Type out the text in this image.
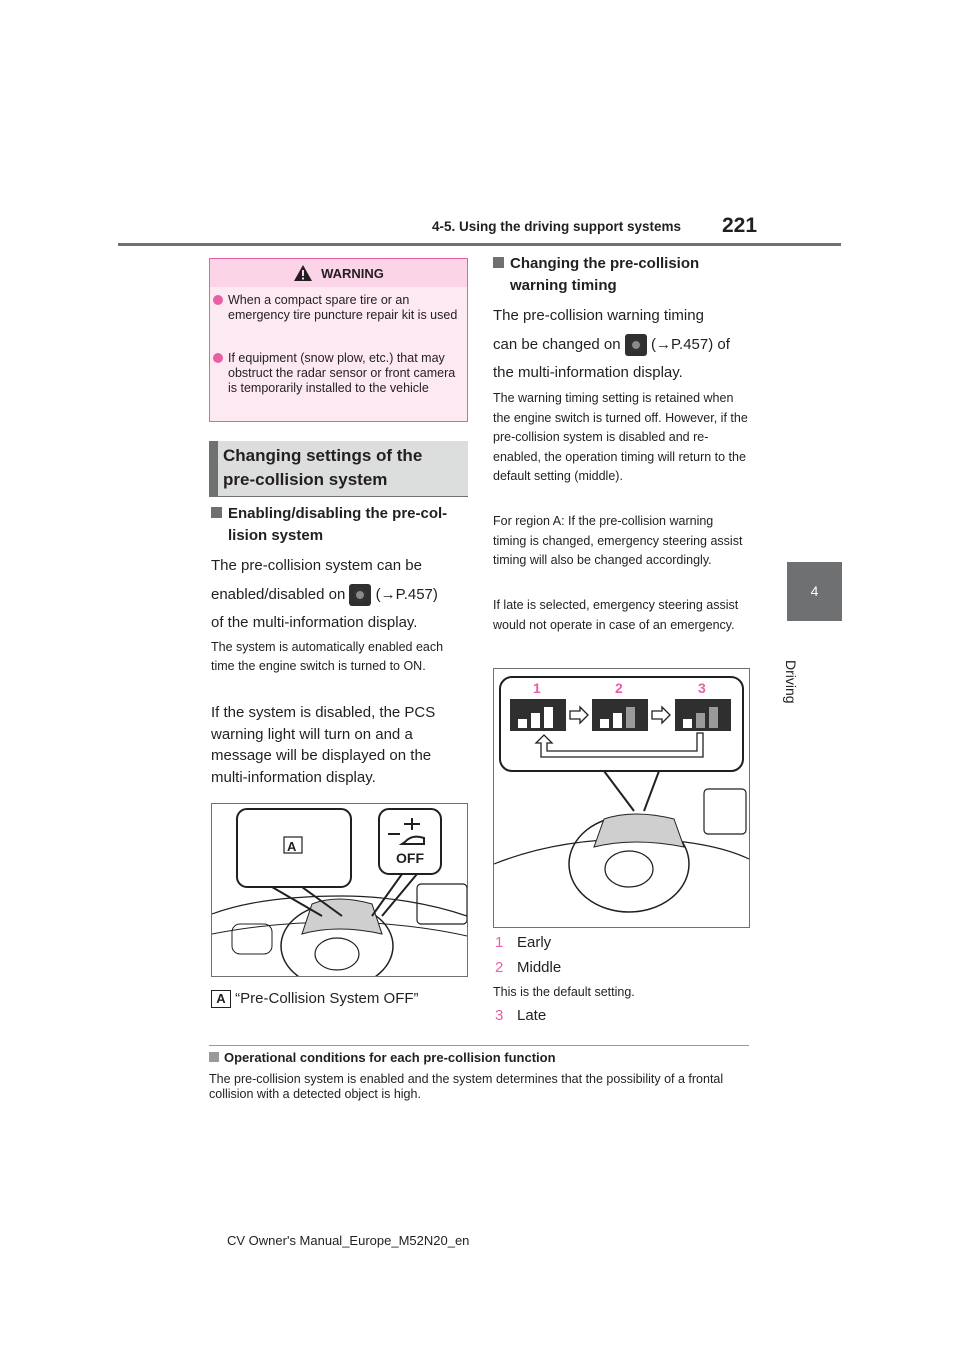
4-5. Using the driving support systems 221
4
Driving
WARNING
When a compact spare tire or an emergency tire puncture repair kit is used
If equipment (snow plow, etc.) that may obstruct the radar sensor or front camera is temporarily installed to the vehicle
Changing settings of the
pre-collision system
Enabling/disabling the pre-col-
lision system
The pre-collision system can be
enabled/disabled on (→P.457)
of the multi-information display.
The system is automatically enabled each time the engine switch is turned to ON.
If the system is disabled, the PCS warning light will turn on and a message will be displayed on the multi-information display.
A
OFF
A “Pre-Collision System OFF”
Changing the pre-collision
warning timing
The pre-collision warning timing
can be changed on (→P.457) of
the multi-information display.
The warning timing setting is retained when the engine switch is turned off. However, if the pre-collision system is disabled and re-enabled, the operation timing will return to the default setting (middle).
For region A: If the pre-collision warning timing is changed, emergency steering assist timing will also be changed accordingly.
If late is selected, emergency steering assist would not operate in case of an emergency.
1	2	3
1 Early
2 Middle
This is the default setting.
3 Late
Operational conditions for each pre-collision function
The pre-collision system is enabled and the system determines that the possibility of a frontal collision with a detected object is high.
CV Owner's Manual_Europe_M52N20_en
